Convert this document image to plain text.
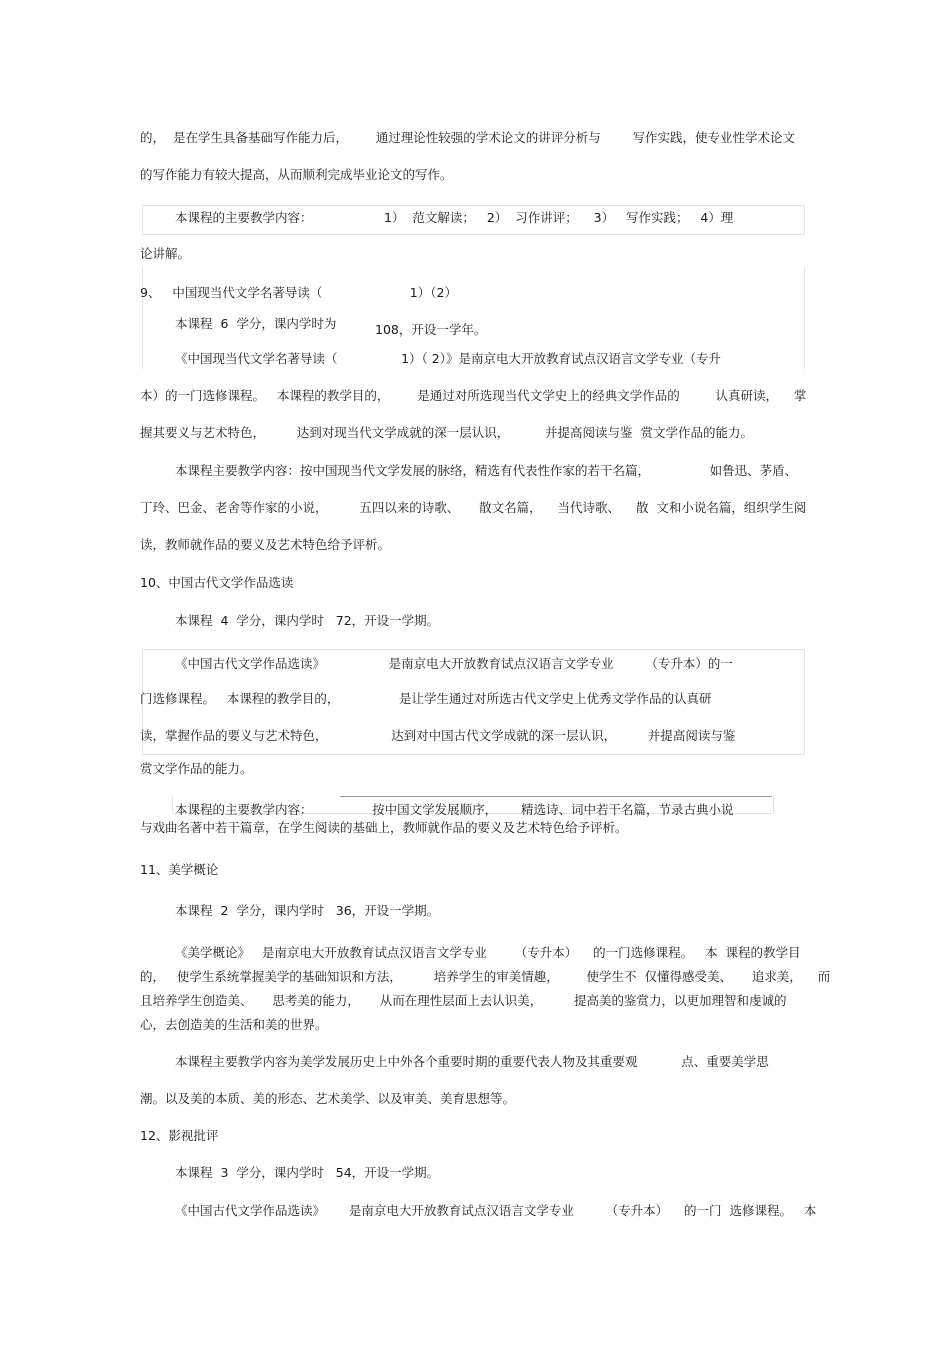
的，  是在学生具备基础写作能力后，       通过理论性较强的学术论文的讲评分析与        写作实践，使专业性学术论文
的写作能力有较大提高，从而顺利完成毕业论文的写作。
本课程的主要教学内容：                  1）  范文解读；   2）  习作讲评；    3）   写作实践；   4）理
论讲解。
9、   中国现当代文学名著导读（                      1）（2）
本课程  6  学分，课内学时为	108，开设一学年。
《中国现当代文学名著导读（                1）（ 2）》是南京电大开放教育试点汉语言文学专业（专升
本）的一门选修课程。   本课程的教学目的，       是通过对所选现当代文学史上的经典文学作品的         认真研读，    掌
握其要义与艺术特色，        达到对现当代文学成就的深一层认识，         并提高阅读与鉴  赏文学作品的能力。
本课程主要教学内容：按中国现当代文学发展的脉络，精选有代表性作家的若干名篇，               如鲁迅、茅盾、
丁玲、巴金、老舍等作家的小说，        五四以来的诗歌、     散文名篇，    当代诗歌、    散  文和小说名篇，组织学生阅
读，教师就作品的要义及艺术特色给予评析。
10、中国古代文学作品选读
本课程  4  学分，课内学时   72，开设一学期。
《中国古代文学作品选读》                是南京电大开放教育试点汉语言文学专业        （专升本）的一
门选修课程。   本课程的教学目的，               是让学生通过对所选古代文学史上优秀文学作品的认真研
读，掌握作品的要义与艺术特色，                达到对中国古代文学成就的深一层认识，        并提高阅读与鉴
赏文学作品的能力。
本课程的主要教学内容：               按中国文学发展顺序，      精选诗、词中若干名篇，节录古典小说
与戏曲名著中若干篇章，在学生阅读的基础上，教师就作品的要义及艺术特色给予评析。
11、美学概论
本课程  2  学分，课内学时   36，开设一学期。
《美学概论》   是南京电大开放教育试点汉语言文学专业       （专升本）    的一门选修课程。   本  课程的教学目
的，   使学生系统掌握美学的基础知识和方法，        培养学生的审美情趣，       使学生不  仅懂得感受美、     追求美，    而
且培养学生创造美、     思考美的能力，     从而在理性层面上去认识美，        提高美的鉴赏力，以更加理智和虔诚的
心，去创造美的生活和美的世界。
本课程主要教学内容为美学发展历史上中外各个重要时期的重要代表人物及其重要观           点、重要美学思
潮。以及美的本质、美的形态、艺术美学、以及审美、美育思想等。
12、影视批评
本课程  3  学分，课内学时   54，开设一学期。
《中国古代文学作品选读》      是南京电大开放教育试点汉语言文学专业        （专升本）    的一门  选修课程。   本
